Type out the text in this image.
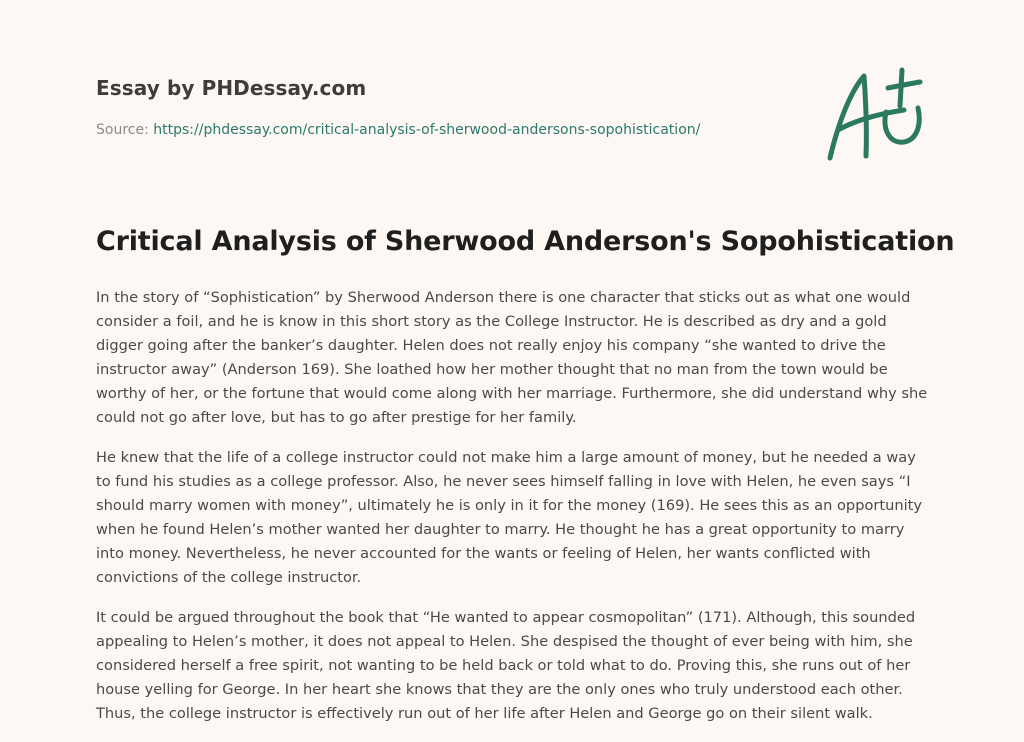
Essay by PHDessay.com
Source: https://phdessay.com/critical-analysis-of-sherwood-andersons-sopohistication/
Critical Analysis of Sherwood Anderson's Sopohistication

In the story of “Sophistication” by Sherwood Anderson there is one character that sticks out as what one would consider a foil, and he is know in this short story as the College Instructor. He is described as dry and a gold digger going after the banker’s daughter. Helen does not really enjoy his company “she wanted to drive the instructor away” (Anderson 169). She loathed how her mother thought that no man from the town would be worthy of her, or the fortune that would come along with her marriage. Furthermore, she did understand why she could not go after love, but has to go after prestige for her family.

He knew that the life of a college instructor could not make him a large amount of money, but he needed a way to fund his studies as a college professor. Also, he never sees himself falling in love with Helen, he even says “I should marry women with money”, ultimately he is only in it for the money (169). He sees this as an opportunity when he found Helen’s mother wanted her daughter to marry. He thought he has a great opportunity to marry into money. Nevertheless, he never accounted for the wants or feeling of Helen, her wants conflicted with convictions of the college instructor.

It could be argued throughout the book that “He wanted to appear cosmopolitan” (171). Although, this sounded appealing to Helen’s mother, it does not appeal to Helen. She despised the thought of ever being with him, she considered herself a free spirit, not wanting to be held back or told what to do. Proving this, she runs out of her house yelling for George. In her heart she knows that they are the only ones who truly understood each other. Thus, the college instructor is effectively run out of her life after Helen and George go on their silent walk.
